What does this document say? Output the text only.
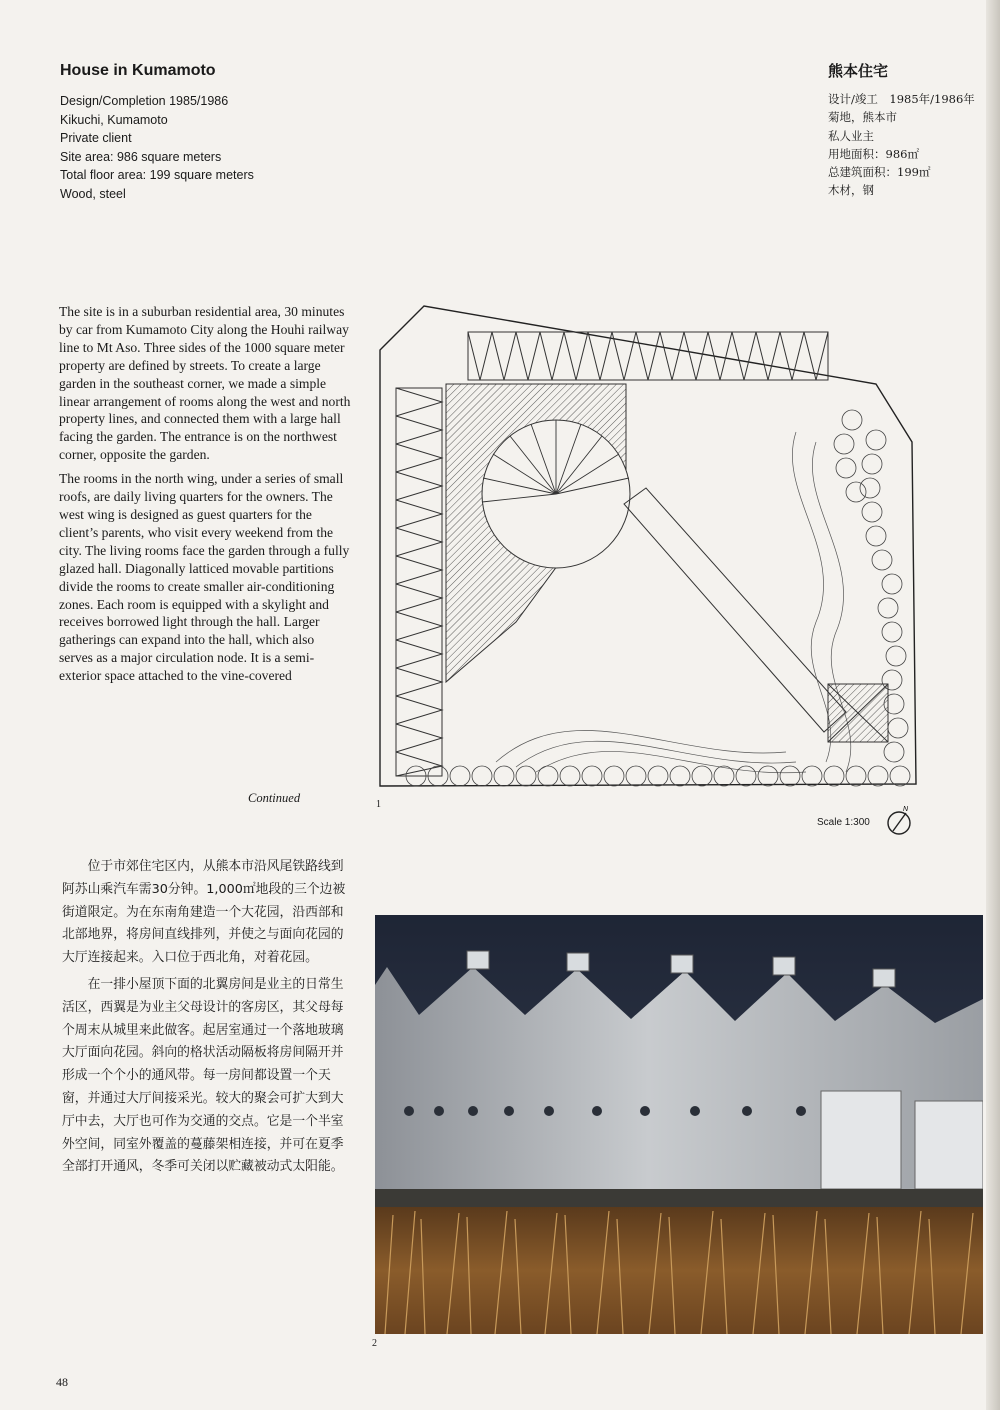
House in Kumamoto
Design/Completion 1985/1986
Kikuchi, Kumamoto
Private client
Site area: 986 square meters
Total floor area: 199 square meters
Wood, steel
熊本住宅
设计/竣工　1985年/1986年
菊地，熊本市
私人业主
用地面积：986㎡
总建筑面积：199㎡
木材，钢

The site is in a suburban residential area, 30 minutes by car from Kumamoto City along the Houhi railway line to Mt Aso. Three sides of the 1000 square meter property are defined by streets. To create a large garden in the southeast corner, we made a simple linear arrangement of rooms along the west and north property lines, and connected them with a large hall facing the garden. The entrance is on the northwest corner, opposite the garden.

The rooms in the north wing, under a series of small roofs, are daily living quarters for the owners. The west wing is designed as guest quarters for the client’s parents, who visit every weekend from the city. The living rooms face the garden through a fully glazed hall. Diagonally latticed movable partitions divide the rooms to create smaller air-conditioning zones. Each room is equipped with a skylight and receives borrowed light through the hall. Larger gatherings can expand into the hall, which also serves as a major circulation node. It is a semi-exterior space attached to the vine-covered

Continued	1
Scale 1:300
N

位于市郊住宅区内，从熊本市沿风尾铁路线到阿苏山乘汽车需30分钟。1,000㎡地段的三个边被街道限定。为在东南角建造一个大花园，沿西部和北部地界，将房间直线排列，并使之与面向花园的大厅连接起来。入口位于西北角，对着花园。

在一排小屋顶下面的北翼房间是业主的日常生活区，西翼是为业主父母设计的客房区，其父母每个周末从城里来此做客。起居室通过一个落地玻璃大厅面向花园。斜向的格状活动隔板将房间隔开并形成一个个小的通风带。每一房间都设置一个天窗，并通过大厅间接采光。较大的聚会可扩大到大厅中去，大厅也可作为交通的交点。它是一个半室外空间，同室外覆盖的蔓藤架相连接，并可在夏季全部打开通风，冬季可关闭以贮藏被动式太阳能。

2
48
